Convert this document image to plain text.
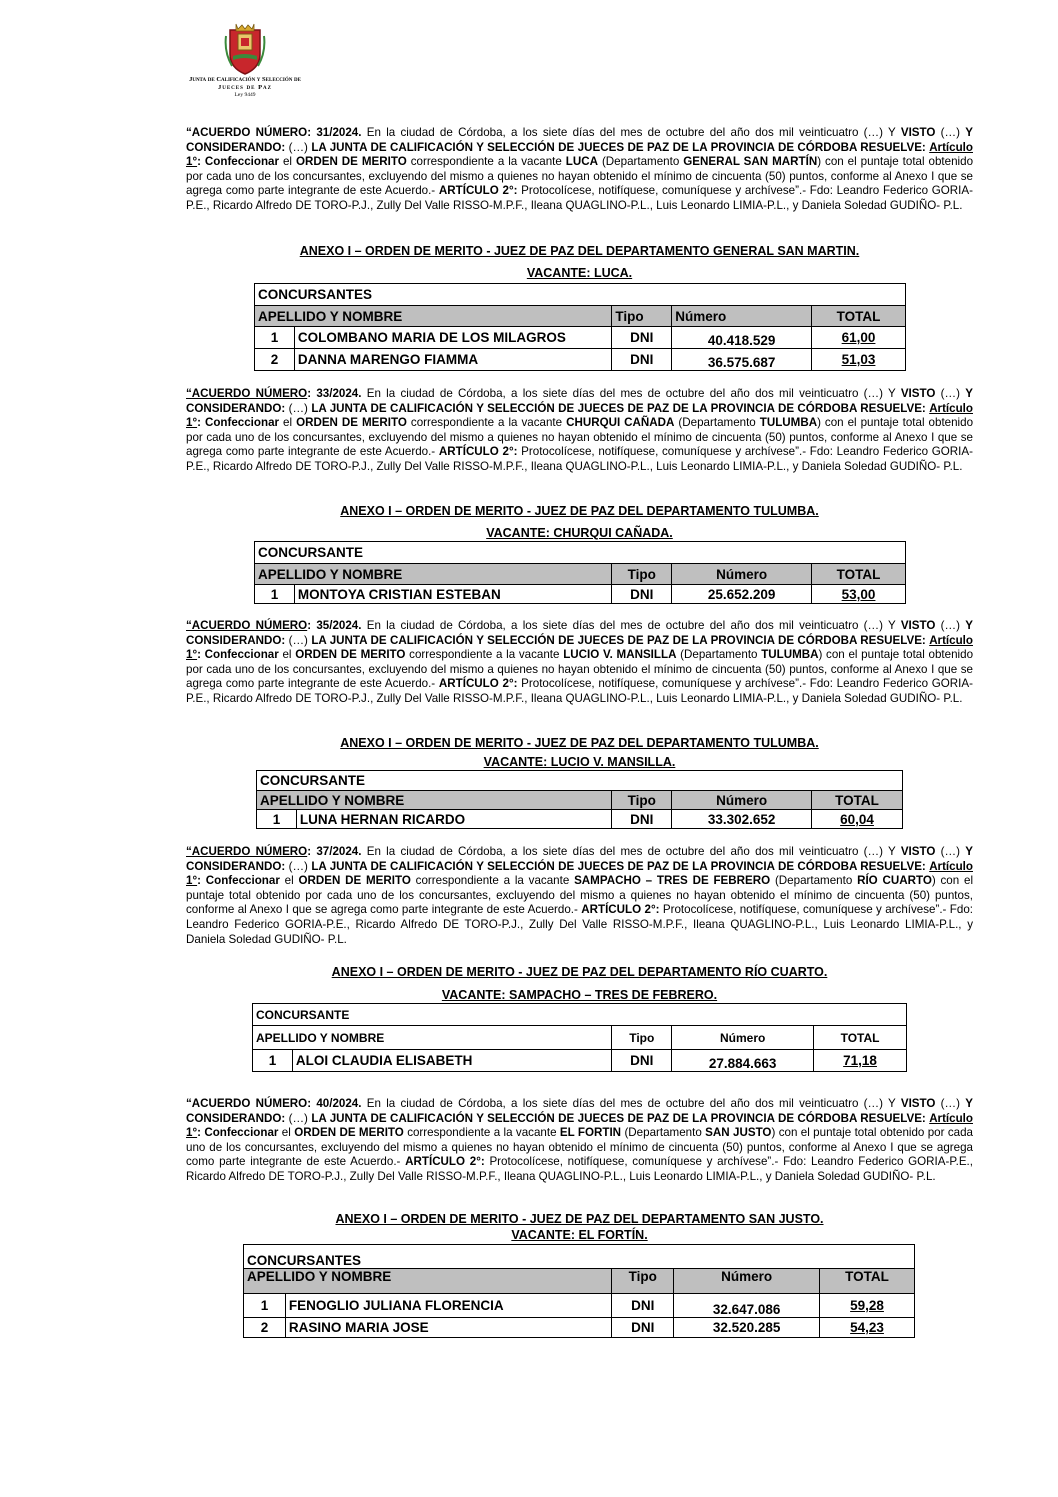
Junta de Calificación y Selección de
Jueces de Paz
Ley 9449

“ACUERDO NÚMERO: 31/2024. En la ciudad de Córdoba, a los siete días del mes de octubre del año dos mil veinticuatro (…) Y VISTO (…) Y CONSIDERANDO: (…) LA JUNTA DE CALIFICACIÓN Y SELECCIÓN DE JUECES DE PAZ DE LA PROVINCIA DE CÓRDOBA RESUELVE: Artículo 1°: Confeccionar el ORDEN DE MERITO correspondiente a la vacante LUCA (Departamento GENERAL SAN MARTÍN) con el puntaje total obtenido por cada uno de los concursantes, excluyendo del mismo a quienes no hayan obtenido el mínimo de cincuenta (50) puntos, conforme al Anexo I que se agrega como parte integrante de este Acuerdo.- ARTÍCULO 2°: Protocolícese, notifíquese, comuníquese y archívese”.- Fdo: Leandro Federico GORIA-P.E., Ricardo Alfredo DE TORO-P.J., Zully Del Valle RISSO-M.P.F., Ileana QUAGLINO-P.L., Luis Leonardo LIMIA-P.L., y Daniela Soledad GUDIÑO- P.L.

ANEXO I – ORDEN DE MERITO - JUEZ DE PAZ DEL DEPARTAMENTO GENERAL SAN MARTIN.
VACANTE: LUCA.
CONCURSANTES				
APELLIDO Y NOMBRE		Tipo	Número	TOTAL
1	COLOMBANO MARIA DE LOS MILAGROS	DNI	40.418.529	61,00
2	DANNA MARENGO FIAMMA	DNI	36.575.687	51,03

“ACUERDO NÚMERO: 33/2024. En la ciudad de Córdoba, a los siete días del mes de octubre del año dos mil veinticuatro (…) Y VISTO (…) Y CONSIDERANDO: (…) LA JUNTA DE CALIFICACIÓN Y SELECCIÓN DE JUECES DE PAZ DE LA PROVINCIA DE CÓRDOBA RESUELVE: Artículo 1°: Confeccionar el ORDEN DE MERITO correspondiente a la vacante CHURQUI CAÑADA (Departamento TULUMBA) con el puntaje total obtenido por cada uno de los concursantes, excluyendo del mismo a quienes no hayan obtenido el mínimo de cincuenta (50) puntos, conforme al Anexo I que se agrega como parte integrante de este Acuerdo.- ARTÍCULO 2°: Protocolícese, notifíquese, comuníquese y archívese”.- Fdo: Leandro Federico GORIA-P.E., Ricardo Alfredo DE TORO-P.J., Zully Del Valle RISSO-M.P.F., Ileana QUAGLINO-P.L., Luis Leonardo LIMIA-P.L., y Daniela Soledad GUDIÑO- P.L.

ANEXO I – ORDEN DE MERITO - JUEZ DE PAZ DEL DEPARTAMENTO TULUMBA.
VACANTE: CHURQUI CAÑADA.
CONCURSANTE				
APELLIDO Y NOMBRE		Tipo	Número	TOTAL
1	MONTOYA CRISTIAN ESTEBAN	DNI	25.652.209	53,00

“ACUERDO NÚMERO: 35/2024. En la ciudad de Córdoba, a los siete días del mes de octubre del año dos mil veinticuatro (…) Y VISTO (…) Y CONSIDERANDO: (…) LA JUNTA DE CALIFICACIÓN Y SELECCIÓN DE JUECES DE PAZ DE LA PROVINCIA DE CÓRDOBA RESUELVE: Artículo 1°: Confeccionar el ORDEN DE MERITO correspondiente a la vacante LUCIO V. MANSILLA (Departamento TULUMBA) con el puntaje total obtenido por cada uno de los concursantes, excluyendo del mismo a quienes no hayan obtenido el mínimo de cincuenta (50) puntos, conforme al Anexo I que se agrega como parte integrante de este Acuerdo.- ARTÍCULO 2°: Protocolícese, notifíquese, comuníquese y archívese”.- Fdo: Leandro Federico GORIA-P.E., Ricardo Alfredo DE TORO-P.J., Zully Del Valle RISSO-M.P.F., Ileana QUAGLINO-P.L., Luis Leonardo LIMIA-P.L., y Daniela Soledad GUDIÑO- P.L.

ANEXO I – ORDEN DE MERITO - JUEZ DE PAZ DEL DEPARTAMENTO TULUMBA.
VACANTE: LUCIO V. MANSILLA.
CONCURSANTE				
APELLIDO Y NOMBRE		Tipo	Número	TOTAL
1	LUNA HERNAN RICARDO	DNI	33.302.652	60,04

“ACUERDO NÚMERO: 37/2024. En la ciudad de Córdoba, a los siete días del mes de octubre del año dos mil veinticuatro (…) Y VISTO (…) Y CONSIDERANDO: (…) LA JUNTA DE CALIFICACIÓN Y SELECCIÓN DE JUECES DE PAZ DE LA PROVINCIA DE CÓRDOBA RESUELVE: Artículo 1°: Confeccionar el ORDEN DE MERITO correspondiente a la vacante SAMPACHO – TRES DE FEBRERO (Departamento RÍO CUARTO) con el puntaje total obtenido por cada uno de los concursantes, excluyendo del mismo a quienes no hayan obtenido el mínimo de cincuenta (50) puntos, conforme al Anexo I que se agrega como parte integrante de este Acuerdo.- ARTÍCULO 2°: Protocolícese, notifíquese, comuníquese y archívese”.- Fdo: Leandro Federico GORIA-P.E., Ricardo Alfredo DE TORO-P.J., Zully Del Valle RISSO-M.P.F., Ileana QUAGLINO-P.L., Luis Leonardo LIMIA-P.L., y Daniela Soledad GUDIÑO- P.L.

ANEXO I – ORDEN DE MERITO - JUEZ DE PAZ DEL DEPARTAMENTO RÍO CUARTO.
VACANTE: SAMPACHO – TRES DE FEBRERO.
CONCURSANTE				
APELLIDO Y NOMBRE		Tipo	Número	TOTAL
1	ALOI CLAUDIA ELISABETH	DNI	27.884.663	71,18

“ACUERDO NÚMERO: 40/2024. En la ciudad de Córdoba, a los siete días del mes de octubre del año dos mil veinticuatro (…) Y VISTO (…) Y CONSIDERANDO: (…) LA JUNTA DE CALIFICACIÓN Y SELECCIÓN DE JUECES DE PAZ DE LA PROVINCIA DE CÓRDOBA RESUELVE: Artículo 1°: Confeccionar el ORDEN DE MERITO correspondiente a la vacante EL FORTIN (Departamento SAN JUSTO) con el puntaje total obtenido por cada uno de los concursantes, excluyendo del mismo a quienes no hayan obtenido el mínimo de cincuenta (50) puntos, conforme al Anexo I que se agrega como parte integrante de este Acuerdo.- ARTÍCULO 2°: Protocolícese, notifíquese, comuníquese y archívese”.- Fdo: Leandro Federico GORIA-P.E., Ricardo Alfredo DE TORO-P.J., Zully Del Valle RISSO-M.P.F., Ileana QUAGLINO-P.L., Luis Leonardo LIMIA-P.L., y Daniela Soledad GUDIÑO- P.L.

ANEXO I – ORDEN DE MERITO - JUEZ DE PAZ DEL DEPARTAMENTO SAN JUSTO.
VACANTE: EL FORTÍN.
CONCURSANTES				
APELLIDO Y NOMBRE		Tipo	Número	TOTAL
1	FENOGLIO JULIANA FLORENCIA	DNI	32.647.086	59,28
2	RASINO MARIA JOSE	DNI	32.520.285	54,23
